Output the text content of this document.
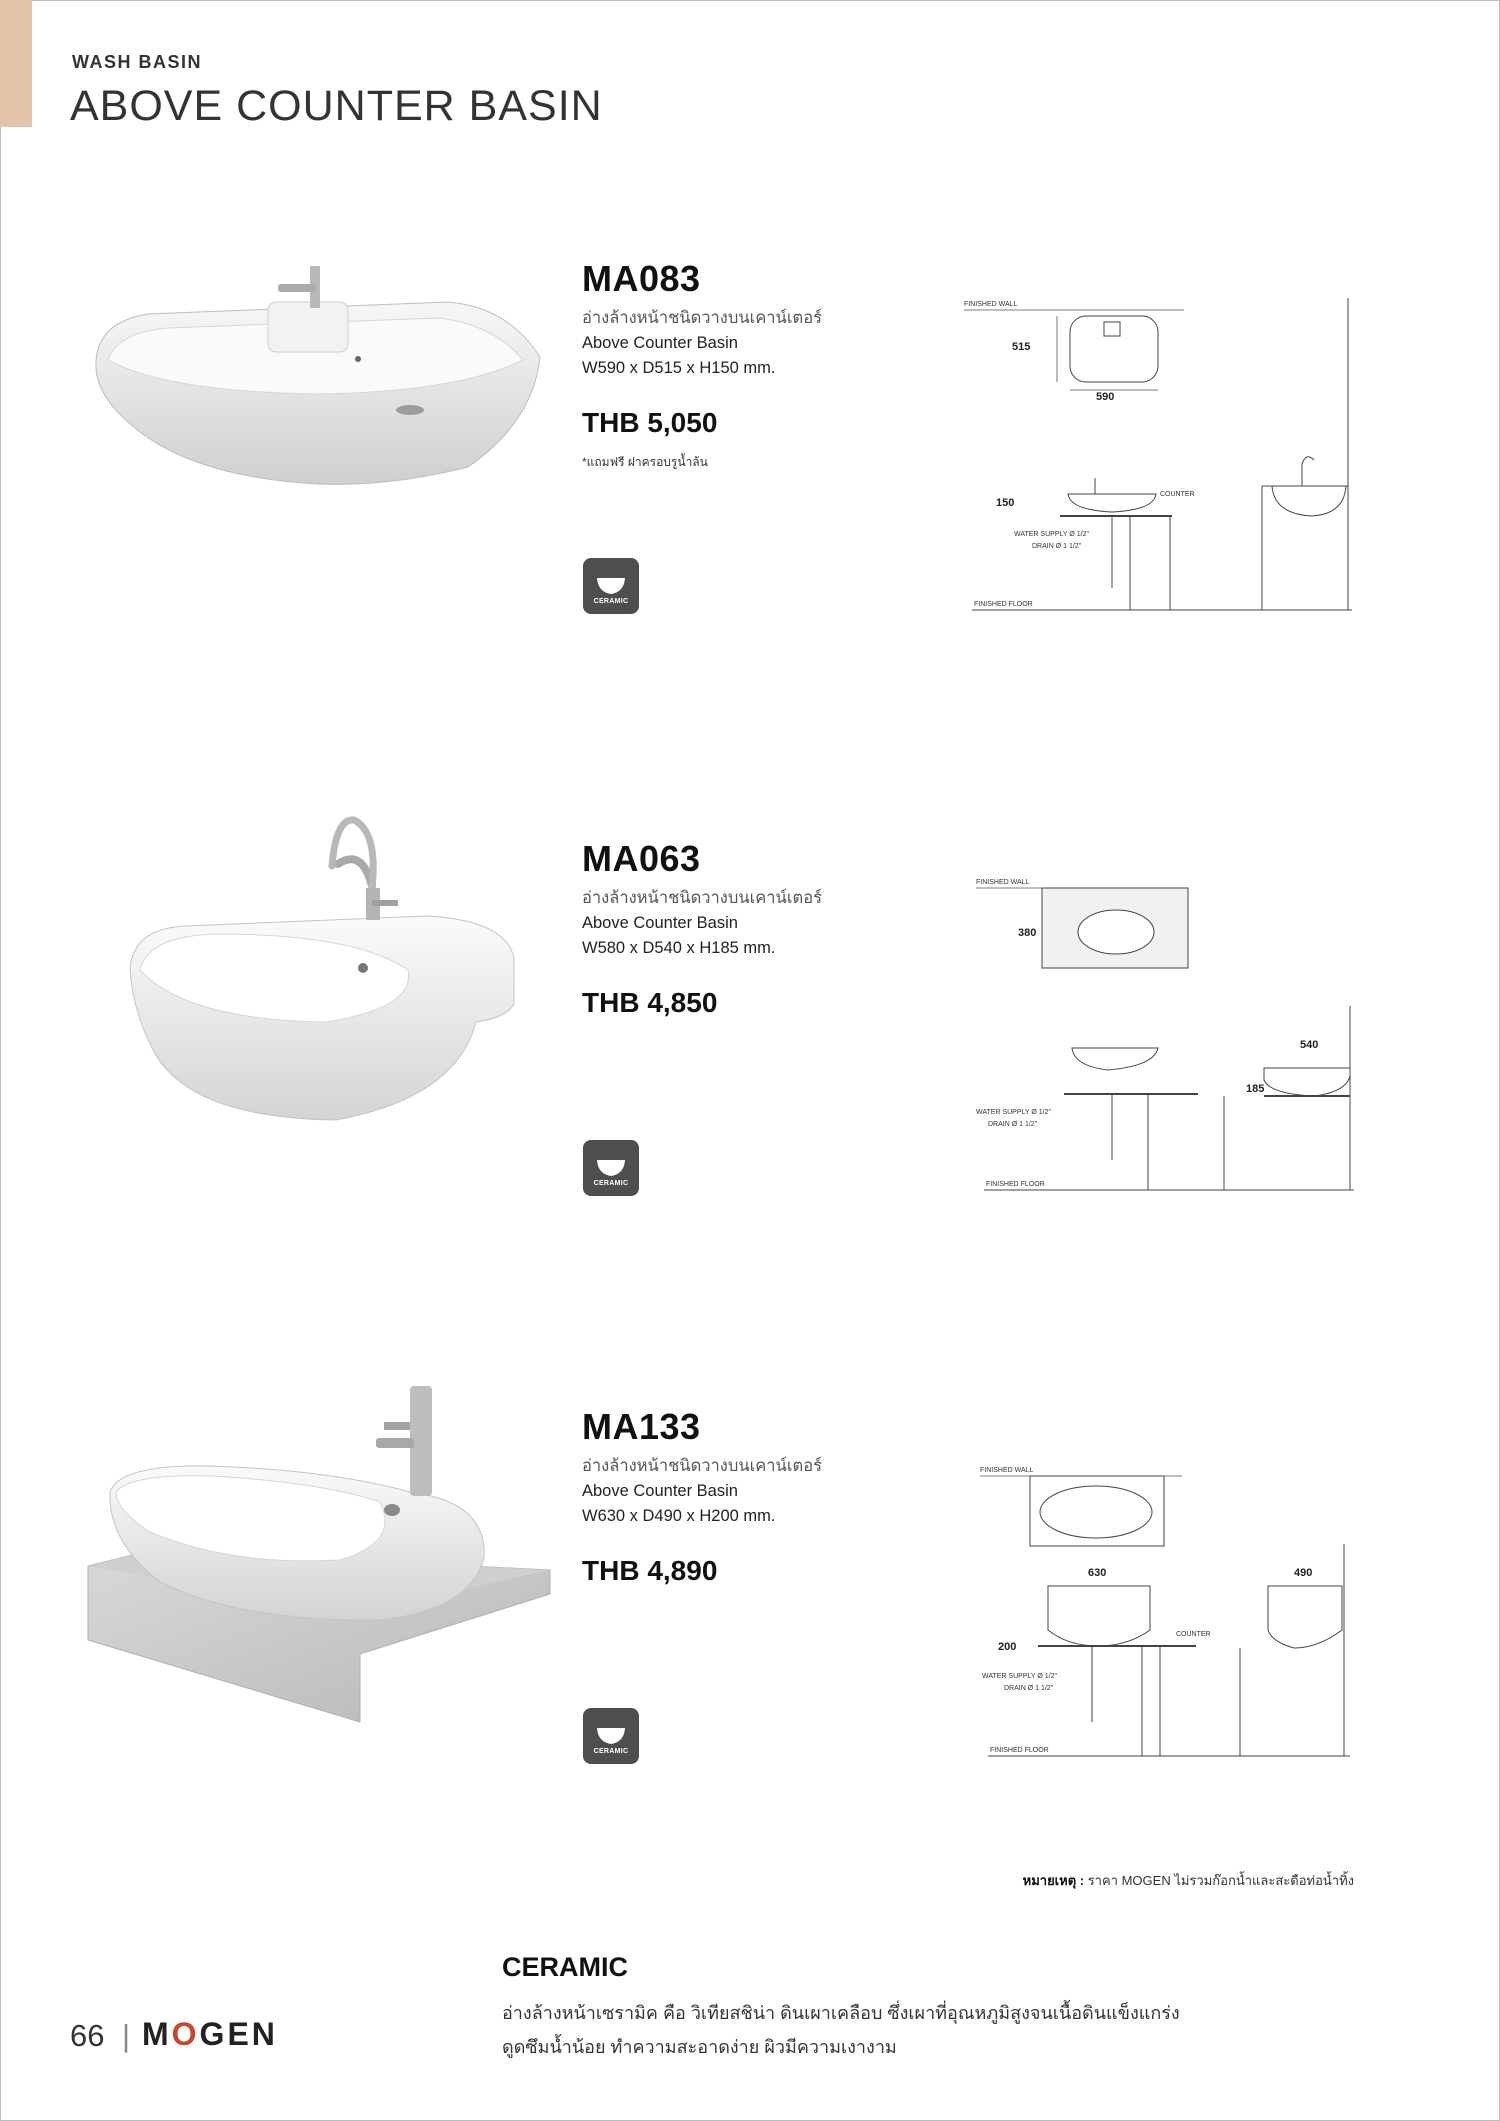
WASH BASIN
ABOVE COUNTER BASIN
MA083
อ่างล้างหน้าชนิดวางบนเคาน์เตอร์
Above Counter Basin
W590 x D515 x H150 mm.
THB 5,050
*แถมฟรี ฝาครอบรูน้ำล้น
CERAMIC
FINISHED WALL
515
590
150
COUNTER
WATER SUPPLY Ø 1/2"
DRAIN Ø 1 1/2"
FINISHED FLOOR
MA063
อ่างล้างหน้าชนิดวางบนเคาน์เตอร์
Above Counter Basin
W580 x D540 x H185 mm.
THB 4,850
CERAMIC
FINISHED WALL
380
WATER SUPPLY Ø 1/2"
DRAIN Ø 1 1/2"
540
185
FINISHED FLOOR
MA133
อ่างล้างหน้าชนิดวางบนเคาน์เตอร์
Above Counter Basin
W630 x D490 x H200 mm.
THB 4,890
CERAMIC
FINISHED WALL
630
200
COUNTER
WATER SUPPLY Ø 1/2"
DRAIN Ø 1 1/2"
490
FINISHED FLOOR
หมายเหตุ : ราคา MOGEN ไม่รวมก๊อกน้ำและสะดือท่อน้ำทิ้ง
CERAMIC
อ่างล้างหน้าเซรามิค คือ วิเทียสชิน่า ดินเผาเคลือบ ซึ่งเผาที่อุณหภูมิสูงจนเนื้อดินแข็งแกร่ง
ดูดซึมน้ำน้อย ทำความสะอาดง่าย ผิวมีความเงางาม
66 | MOGEN
